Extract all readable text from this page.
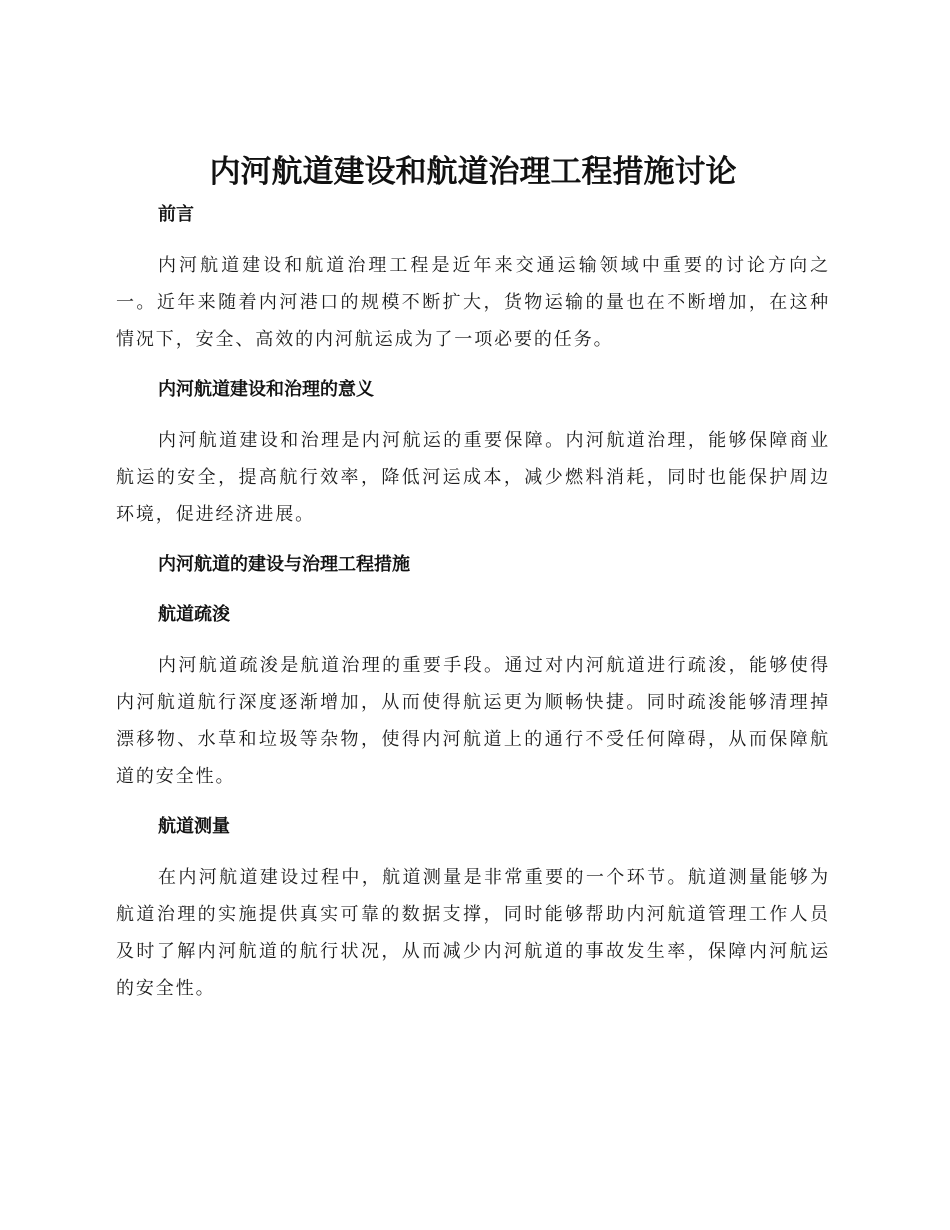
内河航道建设和航道治理工程措施讨论
前言

内河航道建设和航道治理工程是近年来交通运输领域中重要的讨论方向之一。近年来随着内河港口的规模不断扩大，货物运输的量也在不断增加，在这种情况下，安全、高效的内河航运成为了一项必要的任务。

内河航道建设和治理的意义

内河航道建设和治理是内河航运的重要保障。内河航道治理，能够保障商业航运的安全，提高航行效率，降低河运成本，减少燃料消耗，同时也能保护周边环境，促进经济进展。

内河航道的建设与治理工程措施
航道疏浚

内河航道疏浚是航道治理的重要手段。通过对内河航道进行疏浚，能够使得内河航道航行深度逐渐增加，从而使得航运更为顺畅快捷。同时疏浚能够清理掉漂移物、水草和垃圾等杂物，使得内河航道上的通行不受任何障碍，从而保障航道的安全性。

航道测量

在内河航道建设过程中，航道测量是非常重要的一个环节。航道测量能够为航道治理的实施提供真实可靠的数据支撑，同时能够帮助内河航道管理工作人员及时了解内河航道的航行状况，从而减少内河航道的事故发生率，保障内河航运的安全性。
